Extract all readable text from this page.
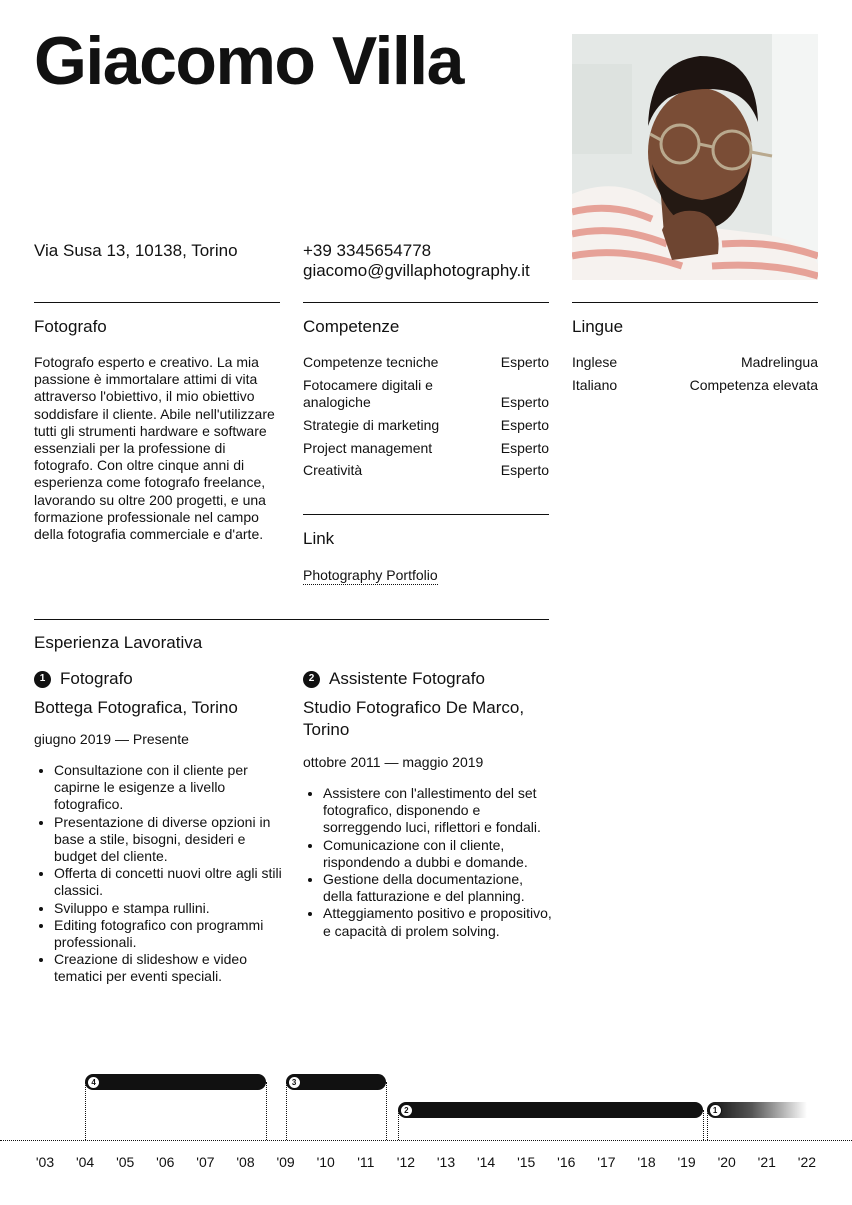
Giacomo Villa
Via Susa 13, 10138, Torino	+39 3345654778
giacomo@gvillaphotography.it
Fotografo
Fotografo esperto e creativo. La mia passione è immortalare attimi di vita attraverso l'obiettivo, il mio obiettivo soddisfare il cliente. Abile nell'utilizzare tutti gli strumenti hardware e software essenziali per la professione di fotografo. Con oltre cinque anni di esperienza come fotografo freelance, lavorando su oltre 200 progetti, e una formazione professionale nel campo della fotografia commerciale e d'arte.
Competenze
Competenze tecniche	Esperto
Fotocamere digitali e analogiche	Esperto
Strategie di marketing	Esperto
Project management	Esperto
Creatività	Esperto
Lingue
Inglese	Madrelingua
Italiano	Competenza elevata
Link
Photography Portfolio
Esperienza Lavorativa
1 Fotografo
Bottega Fotografica, Torino
giugno 2019 — Presente
• Consultazione con il cliente per capirne le esigenze a livello fotografico.
• Presentazione di diverse opzioni in base a stile, bisogni, desideri e budget del cliente.
• Offerta di concetti nuovi oltre agli stili classici.
• Sviluppo e stampa rullini.
• Editing fotografico con programmi professionali.
• Creazione di slideshow e video tematici per eventi speciali.
2 Assistente Fotografo
Studio Fotografico De Marco, Torino
ottobre 2011 — maggio 2019
• Assistere con l'allestimento del set fotografico, disponendo e sorreggendo luci, riflettori e fondali.
• Comunicazione con il cliente, rispondendo a dubbi e domande.
• Gestione della documentazione, della fatturazione e del planning.
• Atteggiamento positivo e propositivo, e capacità di prolem solving.
4	3
2	1
'03 '04 '05 '06 '07 '08 '09 '10 '11 '12 '13 '14 '15 '16 '17 '18 '19 '20 '21 '22
